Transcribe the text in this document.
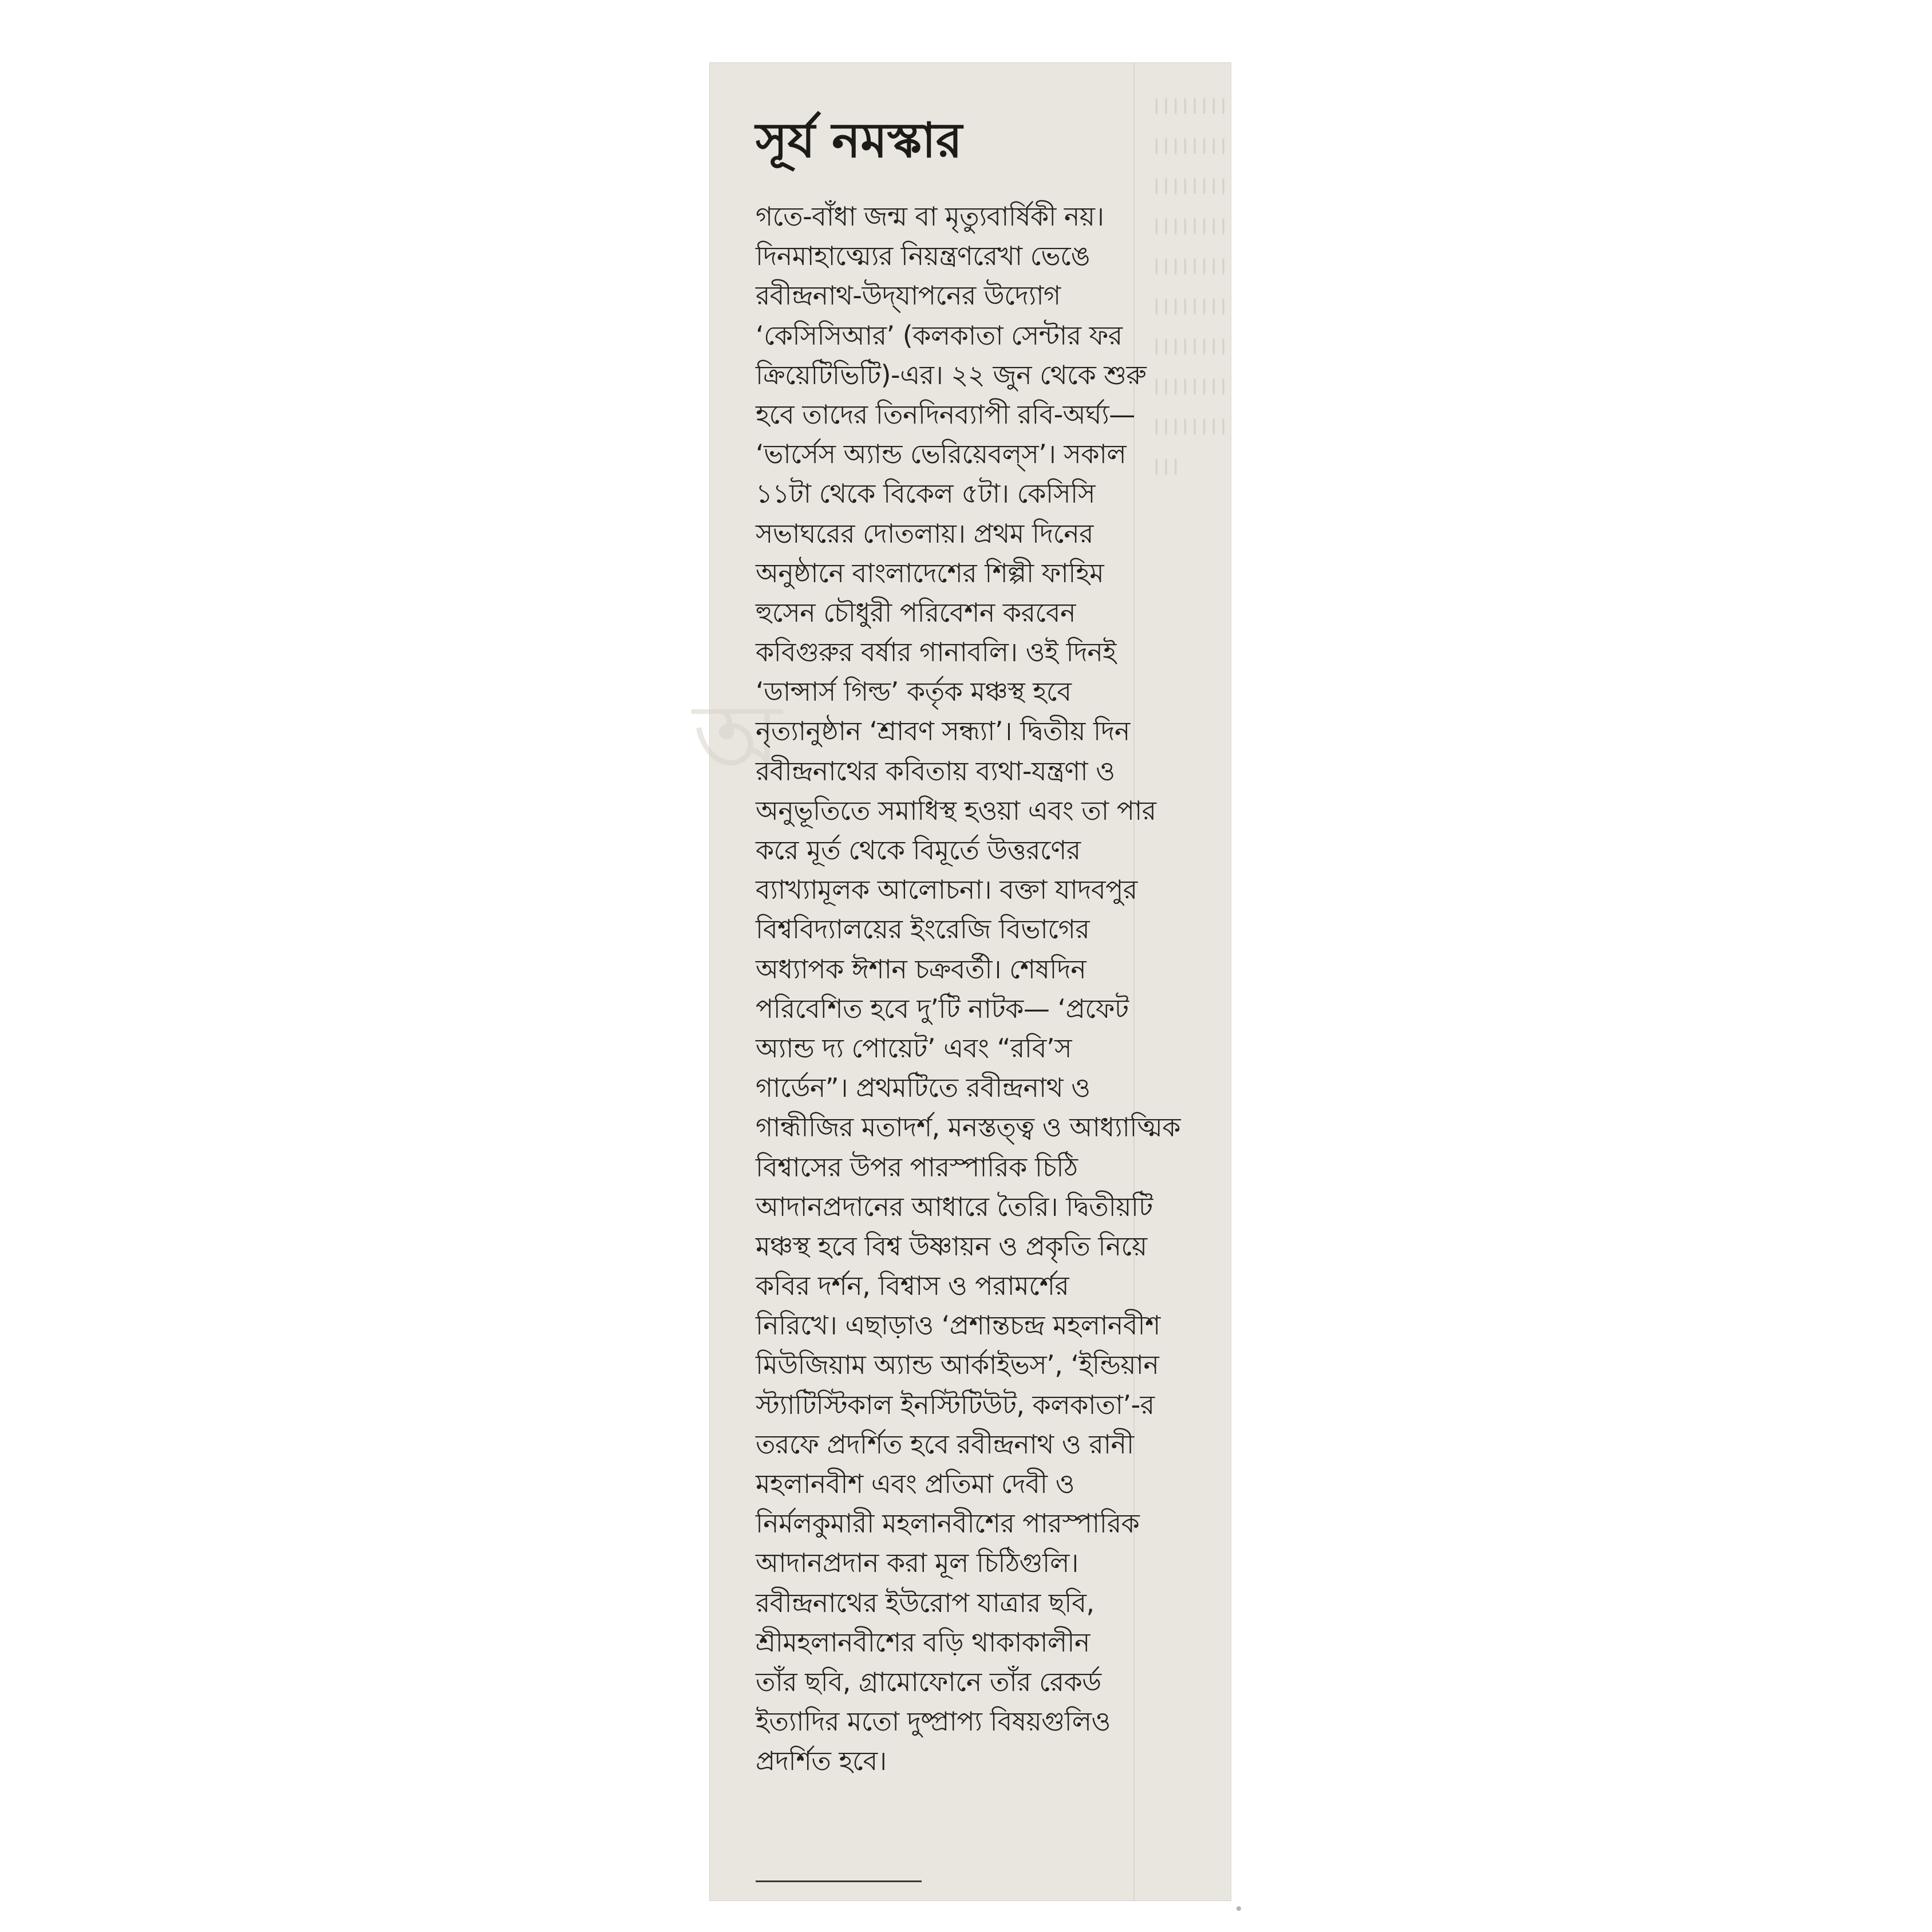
অ
।।।।।।।।।।।।।।।।।।।।।।।।।।।।।।।।।।।।।।।।।।।।।।।।।।।।।।।।।।।।।।।।।।।।।।।।।।।
সূর্য নমস্কার
গতে-বাঁধা জন্ম বা মৃত্যুবার্ষিকী নয়।
দিনমাহাত্ম্যের নিয়ন্ত্রণরেখা ভেঙে
রবীন্দ্রনাথ-উদ্‌যাপনের উদ্যোগ
‘কেসিসিআর’ (কলকাতা সেন্টার ফর
ক্রিয়েটিভিটি)-এর। ২২ জুন থেকে শুরু
হবে তাদের তিনদিনব্যাপী রবি-অর্ঘ্য—
‘ভার্সেস অ্যান্ড ভেরিয়েবল্‌স’। সকাল
১১টা থেকে বিকেল ৫টা। কেসিসি
সভাঘরের দোতলায়। প্রথম দিনের
অনুষ্ঠানে বাংলাদেশের শিল্পী ফাহিম
হুসেন চৌধুরী পরিবেশন করবেন
কবিগুরুর বর্ষার গানাবলি। ওই দিনই
‘ডান্সার্স গিল্ড’ কর্তৃক মঞ্চস্থ হবে
নৃত্যানুষ্ঠান ‘শ্রাবণ সন্ধ্যা’। দ্বিতীয় দিন
রবীন্দ্রনাথের কবিতায় ব্যথা-যন্ত্রণা ও
অনুভূতিতে সমাধিস্থ হওয়া এবং তা পার
করে মূর্ত থেকে বিমূর্তে উত্তরণের
ব্যাখ্যামূলক আলোচনা। বক্তা যাদবপুর
বিশ্ববিদ্যালয়ের ইংরেজি বিভাগের
অধ্যাপক ঈশান চক্রবর্তী। শেষদিন
পরিবেশিত হবে দু’টি নাটক— ‘প্রফেট
অ্যান্ড দ্য পোয়েট’ এবং “রবি’স
গার্ডেন”। প্রথমটিতে রবীন্দ্রনাথ ও
গান্ধীজির মতাদর্শ, মনস্তত্ত্ব ও আধ্যাত্মিক
বিশ্বাসের উপর পারস্পারিক চিঠি
আদানপ্রদানের আধারে তৈরি। দ্বিতীয়টি
মঞ্চস্থ হবে বিশ্ব উষ্ণায়ন ও প্রকৃতি নিয়ে
কবির দর্শন, বিশ্বাস ও পরামর্শের
নিরিখে। এছাড়াও ‘প্রশান্তচন্দ্র মহলানবীশ
মিউজিয়াম অ্যান্ড আর্কাইভস’, ‘ইন্ডিয়ান
স্ট্যাটিস্টিকাল ইনস্টিটিউট, কলকাতা’-র
তরফে প্রদর্শিত হবে রবীন্দ্রনাথ ও রানী
মহলানবীশ এবং প্রতিমা দেবী ও
নির্মলকুমারী মহলানবীশের পারস্পারিক
আদানপ্রদান করা মূল চিঠিগুলি।
রবীন্দ্রনাথের ইউরোপ যাত্রার ছবি,
শ্রীমহলানবীশের বড়ি থাকাকালীন
তাঁর ছবি, গ্রামোফোনে তাঁর রেকর্ড
ইত্যাদির মতো দুষ্প্রাপ্য বিষয়গুলিও
প্রদর্শিত হবে।
